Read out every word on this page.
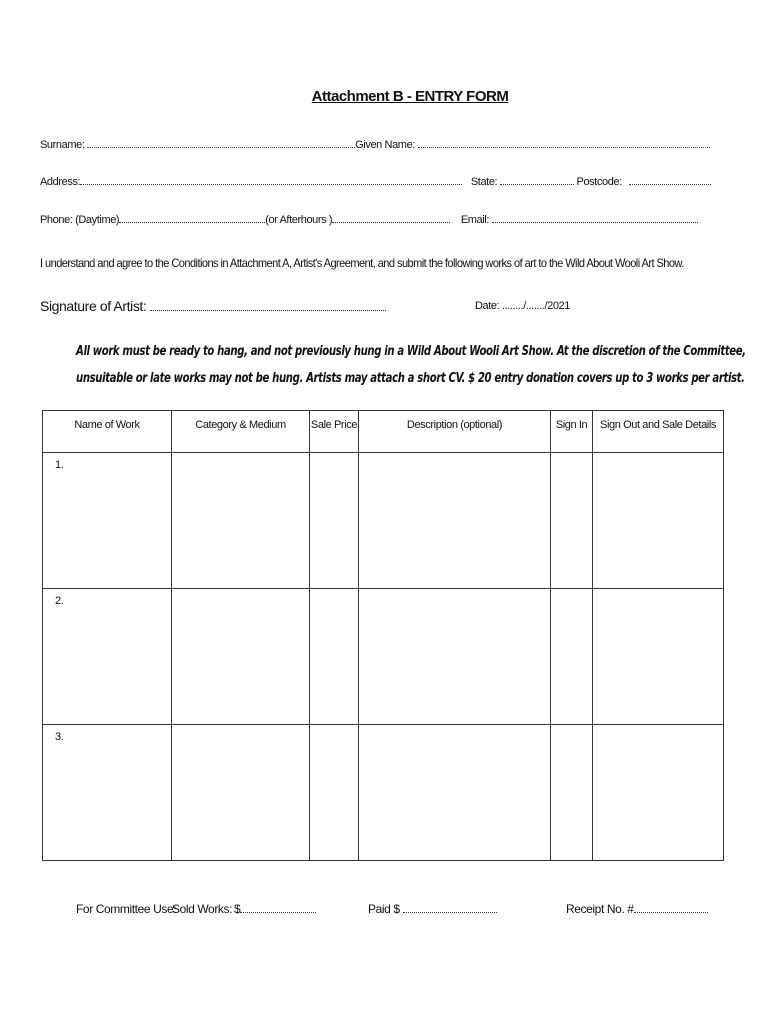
Attachment B - ENTRY FORM
Surname:	Given Name:
Address:	State:	Postcode:
Phone: (Daytime)	(or Afterhours )	Email:
I understand and agree to the Conditions in Attachment A, Artist's Agreement, and submit the following works of art to the Wild About Wooli Art Show.
Signature of Artist:	Date: ......../......./2021
All work must be ready to hang, and not previously hung in a Wild About Wooli Art Show. At the discretion of the Committee,
unsuitable or late works may not be hung. Artists may attach a short CV. $ 20 entry donation covers up to 3 works per artist.
Name of Work	Category & Medium	Sale Price	Description (optional)	Sign In	Sign Out and Sale Details
1.					
2.					
3.					
For Committee Use:
Sold Works: $	Paid $	Receipt No. #
